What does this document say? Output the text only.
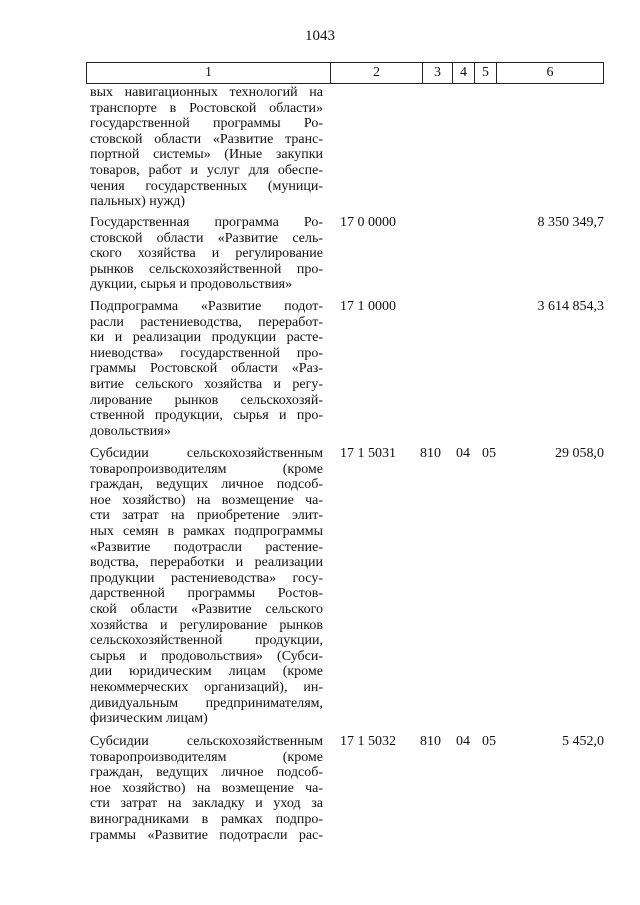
1043
1	2	3	4	5	6
вых навигационных технологий на
транспорте в Ростовской области»
государственной программы Ро-
стовской области «Развитие транс-
портной системы» (Иные закупки
товаров, работ и услуг для обеспе-
чения государственных (муници-
пальных) нужд)
Государственная программа Ро-
стовской области «Развитие сель-
ского хозяйства и регулирование
рынков сельскохозяйственной про-
дукции, сырья и продовольствия»
17 0 0000	8 350 349,7
Подпрограмма «Развитие подот-
расли растениеводства, переработ-
ки и реализации продукции расте-
ниеводства» государственной про-
граммы Ростовской области «Раз-
витие сельского хозяйства и регу-
лирование рынков сельскохозяй-
ственной продукции, сырья и про-
довольствия»
17 1 0000	3 614 854,3
Субсидии сельскохозяйственным
товаропроизводителям (кроме
граждан, ведущих личное подсоб-
ное хозяйство) на возмещение ча-
сти затрат на приобретение элит-
ных семян в рамках подпрограммы
«Развитие подотрасли растение-
водства, переработки и реализации
продукции растениеводства» госу-
дарственной программы Ростов-
ской области «Развитие сельского
хозяйства и регулирование рынков
сельскохозяйственной продукции,
сырья и продовольствия» (Субси-
дии юридическим лицам (кроме
некоммерческих организаций), ин-
дивидуальным предпринимателям,
физическим лицам)
17 1 5031 810 04 05	29 058,0
Субсидии сельскохозяйственным
товаропроизводителям (кроме
граждан, ведущих личное подсоб-
ное хозяйство) на возмещение ча-
сти затрат на закладку и уход за
виноградниками в рамках подпро-
граммы «Развитие подотрасли рас-
17 1 5032 810 04 05	5 452,0
